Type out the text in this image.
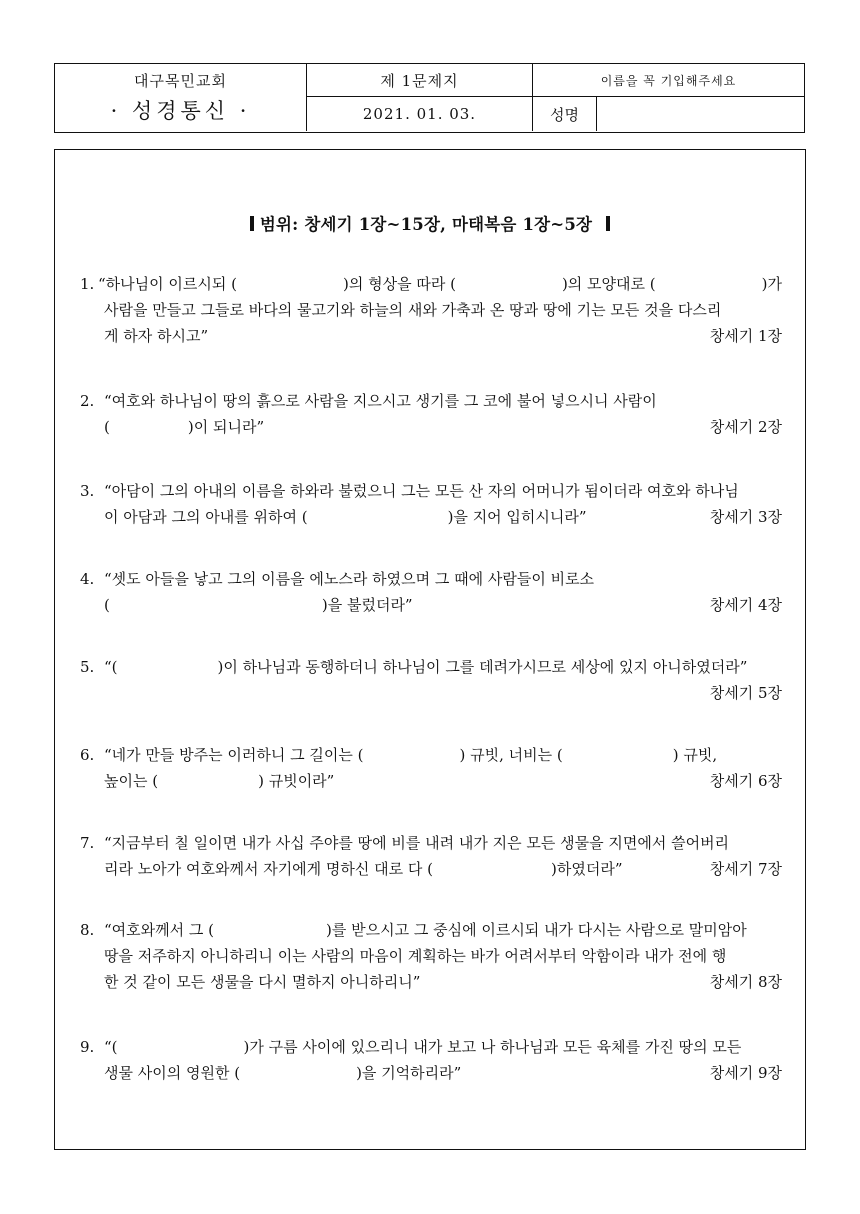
대구목민교회
· 성경통신 ·
제 1문제지	이름을 꼭 기입해주세요
2021. 01. 03.	성명
범위: 창세기 1장~15장, 마태복음 1장~5장
1. “하나님이 이르시되 (	)의 형상을 따라 (	)의 모양대로 (	)가
사람을 만들고 그들로 바다의 물고기와 하늘의 새와 가축과 온 땅과 땅에 기는 모든 것을 다스리
게 하자 하시고”	창세기 1장
2. “여호와 하나님이 땅의 흙으로 사람을 지으시고 생기를 그 코에 불어 넣으시니 사람이
(	)이 되니라”	창세기 2장
3. “아담이 그의 아내의 이름을 하와라 불렀으니 그는 모든 산 자의 어머니가 됨이더라 여호와 하나님
이 아담과 그의 아내를 위하여 (	)을 지어 입히시니라”	창세기 3장
4. “셋도 아들을 낳고 그의 이름을 에노스라 하였으며 그 때에 사람들이 비로소
(	)을 불렀더라”	창세기 4장
5. “(	)이 하나님과 동행하더니 하나님이 그를 데려가시므로 세상에 있지 아니하였더라”
창세기 5장
6. “네가 만들 방주는 이러하니 그 길이는 (	) 규빗, 너비는 (	) 규빗,
높이는 (	) 규빗이라”	창세기 6장
7. “지금부터 칠 일이면 내가 사십 주야를 땅에 비를 내려 내가 지은 모든 생물을 지면에서 쓸어버리
리라 노아가 여호와께서 자기에게 명하신 대로 다 (	)하였더라”	창세기 7장
8. “여호와께서 그 (	)를 받으시고 그 중심에 이르시되 내가 다시는 사람으로 말미암아
땅을 저주하지 아니하리니 이는 사람의 마음이 계획하는 바가 어려서부터 악함이라 내가 전에 행
한 것 같이 모든 생물을 다시 멸하지 아니하리니”	창세기 8장
9. “(	)가 구름 사이에 있으리니 내가 보고 나 하나님과 모든 육체를 가진 땅의 모든
생물 사이의 영원한 (	)을 기억하리라”	창세기 9장
